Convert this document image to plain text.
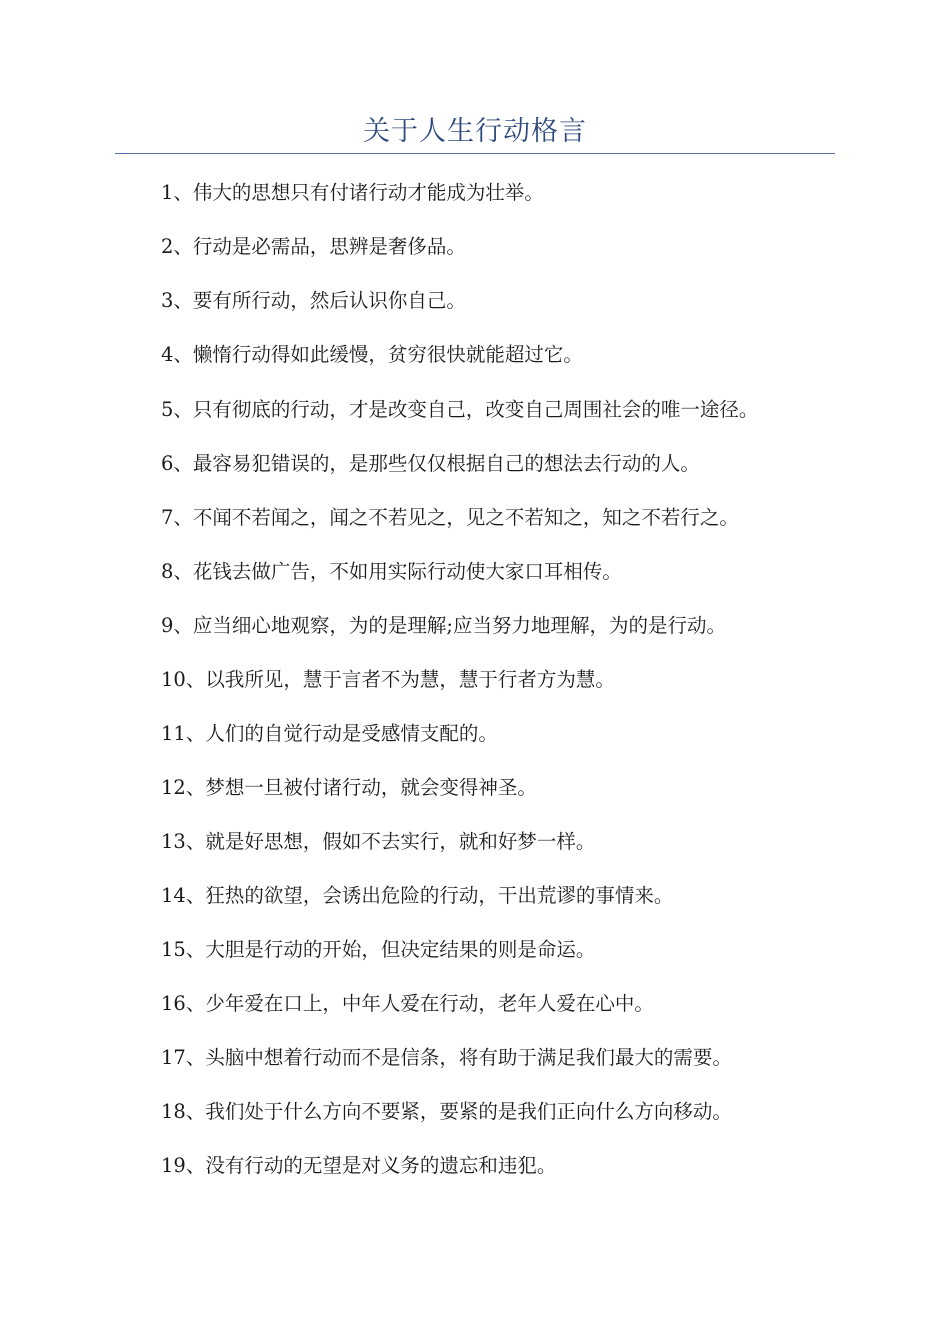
关于人生行动格言
1、伟大的思想只有付诸行动才能成为壮举。
2、行动是必需品，思辨是奢侈品。
3、要有所行动，然后认识你自己。
4、懒惰行动得如此缓慢，贫穷很快就能超过它。
5、只有彻底的行动，才是改变自己，改变自己周围社会的唯一途径。
6、最容易犯错误的，是那些仅仅根据自己的想法去行动的人。
7、不闻不若闻之，闻之不若见之，见之不若知之，知之不若行之。
8、花钱去做广告，不如用实际行动使大家口耳相传。
9、应当细心地观察，为的是理解;应当努力地理解，为的是行动。
10、以我所见，慧于言者不为慧，慧于行者方为慧。
11、人们的自觉行动是受感情支配的。
12、梦想一旦被付诸行动，就会变得神圣。
13、就是好思想，假如不去实行，就和好梦一样。
14、狂热的欲望，会诱出危险的行动，干出荒谬的事情来。
15、大胆是行动的开始，但决定结果的则是命运。
16、少年爱在口上，中年人爱在行动，老年人爱在心中。
17、头脑中想着行动而不是信条，将有助于满足我们最大的需要。
18、我们处于什么方向不要紧，要紧的是我们正向什么方向移动。
19、没有行动的无望是对义务的遗忘和违犯。
